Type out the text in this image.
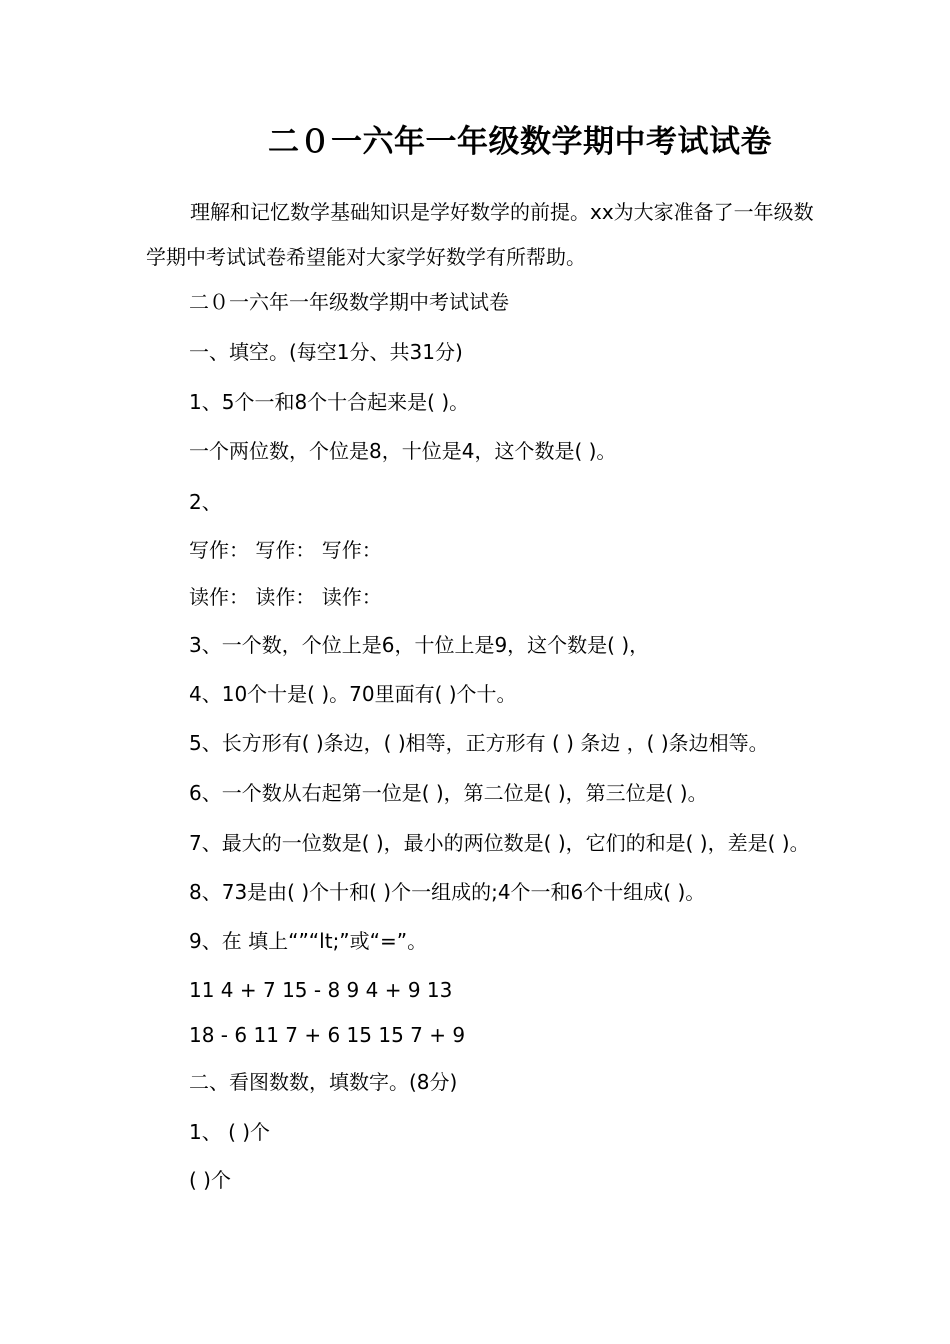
二０一六年一年级数学期中考试试卷
理解和记忆数学基础知识是学好数学的前提。xx为大家准备了一年级数学期中考试试卷希望能对大家学好数学有所帮助。
二０一六年一年级数学期中考试试卷
一、填空。(每空1分、共31分)
1、5个一和8个十合起来是( )。
一个两位数，个位是8，十位是4，这个数是( )。
2、
写作： 写作： 写作：
读作： 读作： 读作：
3、一个数，个位上是6，十位上是9，这个数是( )，
4、10个十是( )。70里面有( )个十。
5、长方形有( )条边，( )相等，正方形有 ( ) 条边 ，( )条边相等。
6、一个数从右起第一位是( )，第二位是( )，第三位是( )。
7、最大的一位数是( )，最小的两位数是( )，它们的和是( )，差是( )。
8、73是由( )个十和( )个一组成的;4个一和6个十组成( )。
9、在 填上“”“lt;”或“=”。
11 4 + 7 15 - 8 9 4 + 9 13
18 - 6 11 7 + 6 15 15 7 + 9
二、看图数数，填数字。(8分)
1、 ( )个
( )个
